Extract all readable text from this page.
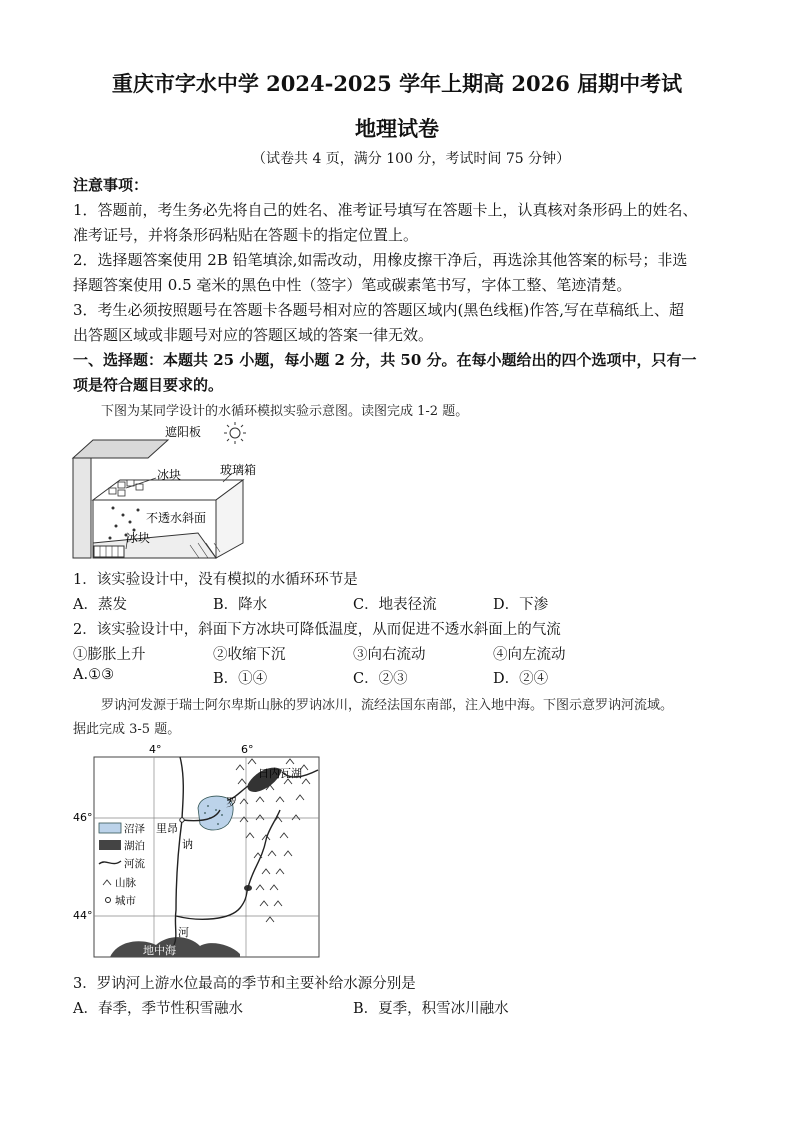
重庆市字水中学 2024-2025 学年上期高 2026 届期中考试
地理试卷
（试卷共 4 页，满分 100 分，考试时间 75 分钟）
注意事项：
1．答题前，考生务必先将自己的姓名、准考证号填写在答题卡上，认真核对条形码上的姓名、
准考证号，并将条形码粘贴在答题卡的指定位置上。
2．选择题答案使用 2B 铅笔填涂,如需改动，用橡皮擦干净后，再选涂其他答案的标号；非选
择题答案使用 0.5 毫米的黑色中性（签字）笔或碳素笔书写，字体工整、笔迹清楚。
3．考生必须按照题号在答题卡各题号相对应的答题区域内(黑色线框)作答,写在草稿纸上、超
出答题区域或非题号对应的答题区域的答案一律无效。
一、选择题：本题共 25 小题，每小题 2 分，共 50 分。在每小题给出的四个选项中，只有一
项是符合题目要求的。
下图为某同学设计的水循环模拟实验示意图。读图完成 1-2 题。
遮阳板
冰块	玻璃箱
不透水斜面
冰块
1．该实验设计中，没有模拟的水循环环节是
A．蒸发	B．降水	C．地表径流	D．下渗
2．该实验设计中，斜面下方冰块可降低温度，从而促进不透水斜面上的气流
①膨胀上升	②收缩下沉	③向右流动	④向左流动
A.①③	B．①④	C．②③	D．②④
罗讷河发源于瑞士阿尔卑斯山脉的罗讷冰川，流经法国东南部，注入地中海。下图示意罗讷河流域。
据此完成 3-5 题。
4°	6°
46°
44°
地中海
日内瓦湖
里昂
罗
讷
河
沼泽
湖泊
河流
山脉
城市
3．罗讷河上游水位最高的季节和主要补给水源分别是
A．春季，季节性积雪融水	B．夏季，积雪冰川融水
